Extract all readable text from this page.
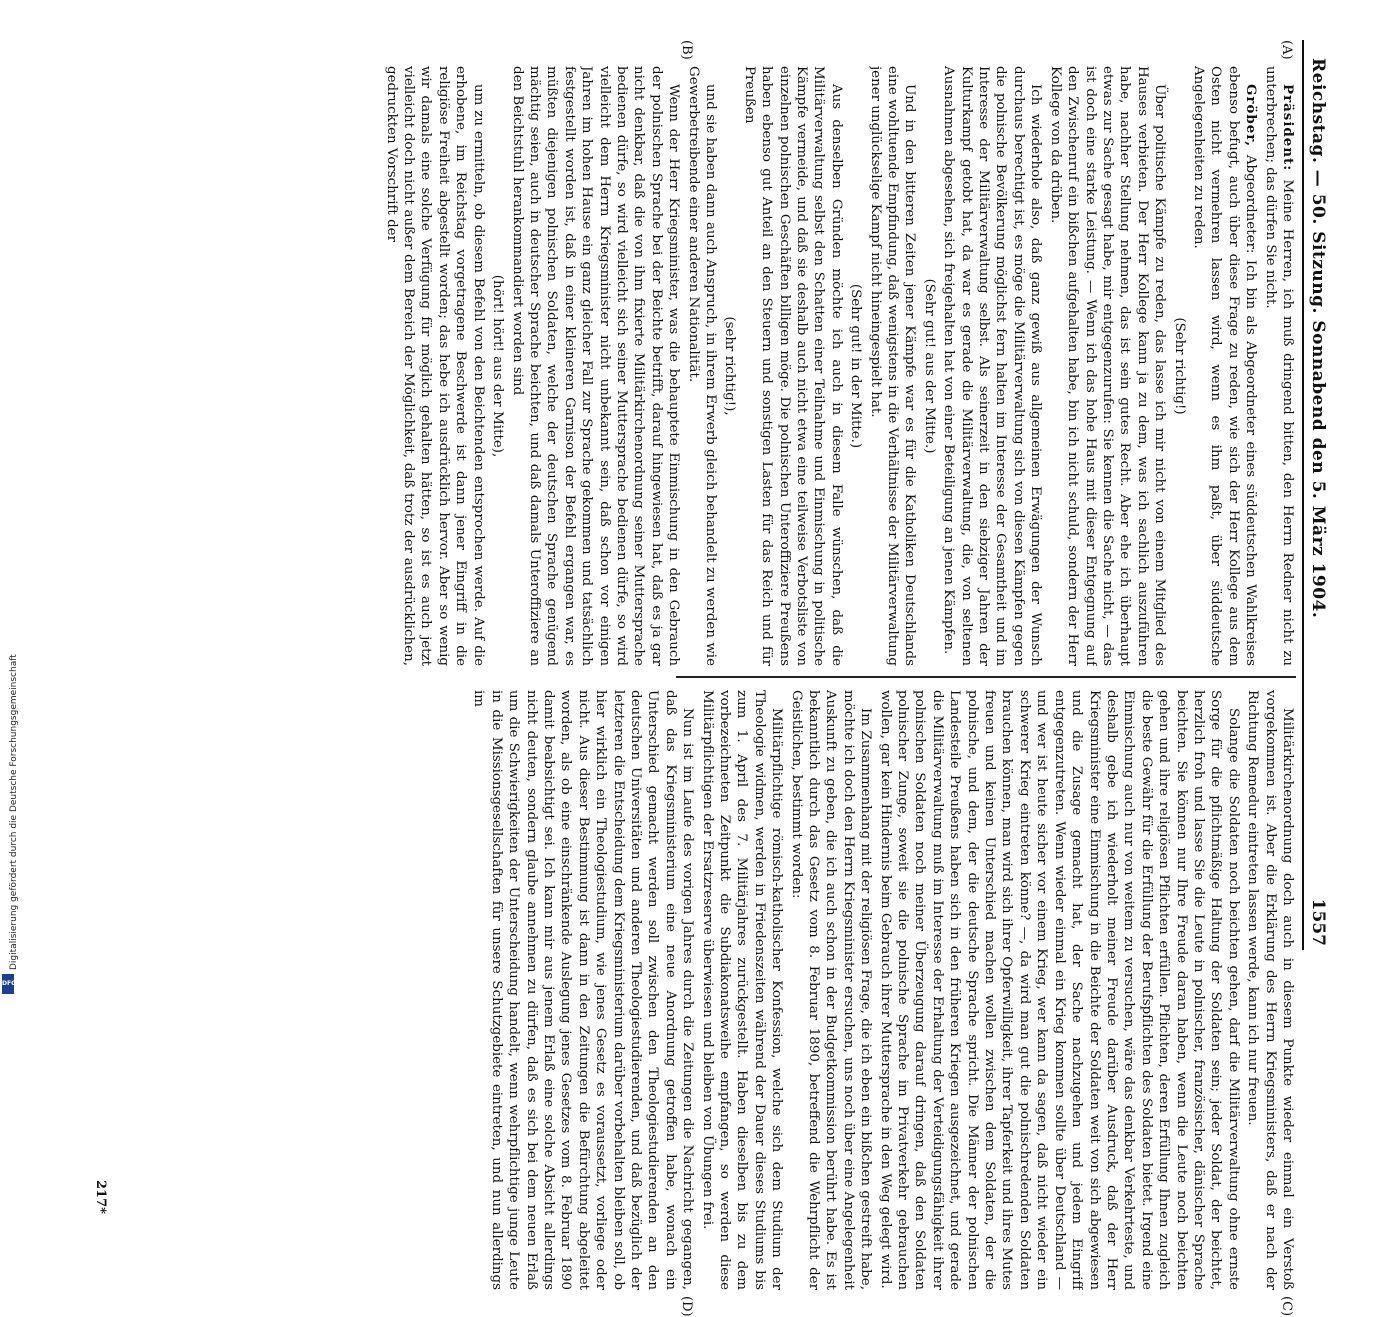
Digitalisierung gefördert durch die Deutsche Forschungsgemeinschaft
DFG
Reichstag. — 50. Sitzung. Sonnabend den 5. März 1904.
1557
(A)
(B)
(C)
(D)

Präsident: Meine Herren, ich muß dringend bitten, den Herrn Redner nicht zu unterbrechen; das dürfen Sie nicht.

Gröber, Abgeordneter: Ich bin als Abgeordneter eines süddeutschen Wahlkreises ebenso befugt, auch über diese Frage zu reden, wie sich der Herr Kollege aus dem Osten nicht vermehren lassen wird, wenn es ihm paßt, über süddeutsche Angelegenheiten zu reden.

(Sehr richtig!)

Über politische Kämpfe zu reden, das lasse ich mir nicht von einem Mitglied des Hauses verbieten. Der Herr Kollege kann ja zu dem, was ich sachlich auszuführen habe, nachher Stellung nehmen, das ist sein gutes Recht. Aber ehe ich überhaupt etwas zur Sache gesagt habe, mir entgegenzurufen: Sie kennen die Sache nicht, — das ist doch eine starke Leistung. — Wenn ich das hohe Haus mit dieser Entgegnung auf den Zwischenruf ein bißchen aufgehalten habe, bin ich nicht schuld, sondern der Herr Kollege von da drüben.

Ich wiederhole also, daß ganz gewiß aus allgemeinen Erwägungen der Wunsch durchaus berechtigt ist, es möge die Militärverwaltung sich von diesen Kämpfen gegen die polnische Bevölkerung möglichst fern halten im Interesse der Gesamtheit und im Interesse der Militärverwaltung selbst. Als seinerzeit in den siebziger Jahren der Kulturkampf getobt hat, da war es gerade die Militärverwaltung, die, von seltenen Ausnahmen abgesehen, sich freigehalten hat von einer Beteiligung an jenen Kämpfen.

(Sehr gut! aus der Mitte.)

Und in den bitteren Zeiten jener Kämpfe war es für die Katholiken Deutschlands eine wohltuende Empfindung, daß wenigstens in die Verhältnisse der Militärverwaltung jener unglückselige Kampf nicht hineingespielt hat.

(Sehr gut! in der Mitte.)

Aus denselben Gründen möchte ich auch in diesem Falle wünschen, daß die Militärverwaltung selbst den Schatten einer Teilnahme und Einmischung in politische Kämpfe vermeide, und daß sie deshalb auch nicht etwa eine teilweise Verbotsliste von einzelnen polnischen Geschäften billigen möge. Die polnischen Unteroffiziere Preußens haben ebenso gut Anteil an den Steuern und sonstigen Lasten für das Reich und für Preußen

(sehr richtig!),

und sie haben dann auch Anspruch, in ihrem Erwerb gleich behandelt zu werden wie Gewerbetreibende einer anderen Nationalität.

Wenn der Herr Kriegsminister, was die behauptete Einmischung in den Gebrauch der polnischen Sprache bei der Beichte betrifft, darauf hingewiesen hat, daß es ja gar nicht denkbar, daß die von ihm fixierte Militärkirchenordnung seiner Muttersprache bedienen dürfe, so wird vielleicht sich seiner Muttersprache bedienen dürfe, so wird vielleicht dem Herrn Kriegsminister nicht unbekannt sein, daß schon vor einigen Jahren im hohen Hause ein ganz gleicher Fall zur Sprache gekommen und tatsächlich festgestellt worden ist, daß in einer kleineren Garnison der Befehl ergangen war, es müßten diejenigen polnischen Soldaten, welche der deutschen Sprache genügend mächtig seien, auch in deutscher Sprache beichten, und daß damals Unteroffiziere an den Beichtstuhl herankommandiert worden sind

(hört! hört! aus der Mitte),

um zu ermitteln, ob diesem Befehl von den Beichtenden entsprochen werde. Auf die erhobene, im Reichstag vorgetragene Beschwerde ist dann jener Eingriff in die religiöse Freiheit abgestellt worden; das hebe ich ausdrücklich hervor. Aber so wenig wir damals eine solche Verfügung für möglich gehalten hätten, so ist es auch jetzt vielleicht doch nicht außer dem Bereich der Möglichkeit, daß trotz der ausdrücklichen, gedruckten Vorschrift der

Militärkirchenordnung doch auch in diesem Punkte wieder einmal ein Verstoß vorgekommen ist. Aber die Erklärung des Herrn Kriegsministers, daß er nach der Richtung Remedur eintreten lassen werde, kann ich nur freuen.

Solange die Soldaten noch beichten gehen, darf die Militärverwaltung ohne ernste Sorge für die pflichtmäßige Haltung der Soldaten sein; jeder Soldat, der beichtet, herzlich froh und lasse Sie die Leute in polnischer, französischer, dänischer Sprache beichten. Sie können nur Ihre Freude daran haben, wenn die Leute noch beichten gehen und ihre religiösen Pflichten erfüllen. Pflichten, deren Erfüllung Ihnen zugleich die beste Gewähr für die Erfüllung der Berufspflichten des Soldaten bietet. Irgend eine Einmischung auch nur von weitem zu versuchen, wäre das denkbar Verkehrteste, und deshalb gebe ich wiederholt meiner Freude darüber Ausdruck, daß der Herr Kriegsminister eine Einmischung in die Beichte der Soldaten weit von sich abgewiesen und die Zusage gemacht hat, der Sache nachzugehen und jedem Eingriff entgegenzutreten. Wenn wieder einmal ein Krieg kommen sollte über Deutschland — und wer ist heute sicher vor einem Krieg, wer kann da sagen, daß nicht wieder ein schwerer Krieg eintreten könne? —, da wird man gut die polnischredenden Soldaten brauchen können, man wird sich ihrer Opferwilligkeit, ihrer Tapferkeit und ihres Mutes freuen und keinen Unterschied machen wollen zwischen dem Soldaten, der die polnische, und dem, der die deutsche Sprache spricht. Die Männer der polnischen Landesteile Preußens haben sich in den früheren Kriegen ausgezeichnet, und gerade die Militärverwaltung muß im Interesse der Erhaltung der Verteidigungsfähigkeit ihrer polnischen Soldaten noch meiner Überzeugung darauf dringen, daß den Soldaten polnischer Zunge, soweit sie die polnische Sprache im Privatverkehr gebrauchen wollen, gar kein Hindernis beim Gebrauch ihrer Muttersprache in den Weg gelegt wird.

Im Zusammenhang mit der religiösen Frage, die ich eben ein bißchen gestreift habe, möchte ich doch den Herrn Kriegsminister ersuchen, uns noch über eine Angelegenheit Auskunft zu geben, die ich auch schon in der Budgetkommission berührt habe. Es ist bekanntlich durch das Gesetz vom 8. Februar 1890, betreffend die Wehrpflicht der Geistlichen, bestimmt worden:

Militärpflichtige römisch-katholischer Konfession, welche sich dem Studium der Theologie widmen, werden in Friedenszeiten während der Dauer dieses Studiums bis zum 1. April des 7. Militärjahres zurückgestellt. Haben dieselben bis zu dem vorbezeichneten Zeitpunkt die Subdiakonatsweihe empfangen, so werden diese Militärpflichtigen der Ersatzreserve überwiesen und bleiben von Übungen frei.

Nun ist im Laufe des vorigen Jahres durch die Zeitungen die Nachricht gegangen, daß das Kriegsministerium eine neue Anordnung getroffen habe, wonach ein Unterschied gemacht werden soll zwischen den Theologiestudierenden an den deutschen Universitäten und anderen Theologiestudierenden, und daß bezüglich der letzteren die Entscheidung dem Kriegsministerium darüber vorbehalten bleiben soll, ob hier wirklich ein Theologiestudium, wie jenes Gesetz es voraussetzt, vorliege oder nicht. Aus dieser Bestimmung ist dann in den Zeitungen die Befürchtung abgeleitet worden, als ob eine einschränkende Auslegung jenes Gesetzes vom 8. Februar 1890 damit beabsichtigt sei. Ich kann mir aus jenem Erlaß eine solche Absicht allerdings nicht deuten, sondern glaube annehmen zu dürfen, daß es sich bei dem neuen Erlaß um die Schwierigkeiten der Unterscheidung handelt, wenn wehrpflichtige junge Leute in die Missionsgesellschaften für unsere Schutzgebiete eintreten, und nun allerdings im

217*
